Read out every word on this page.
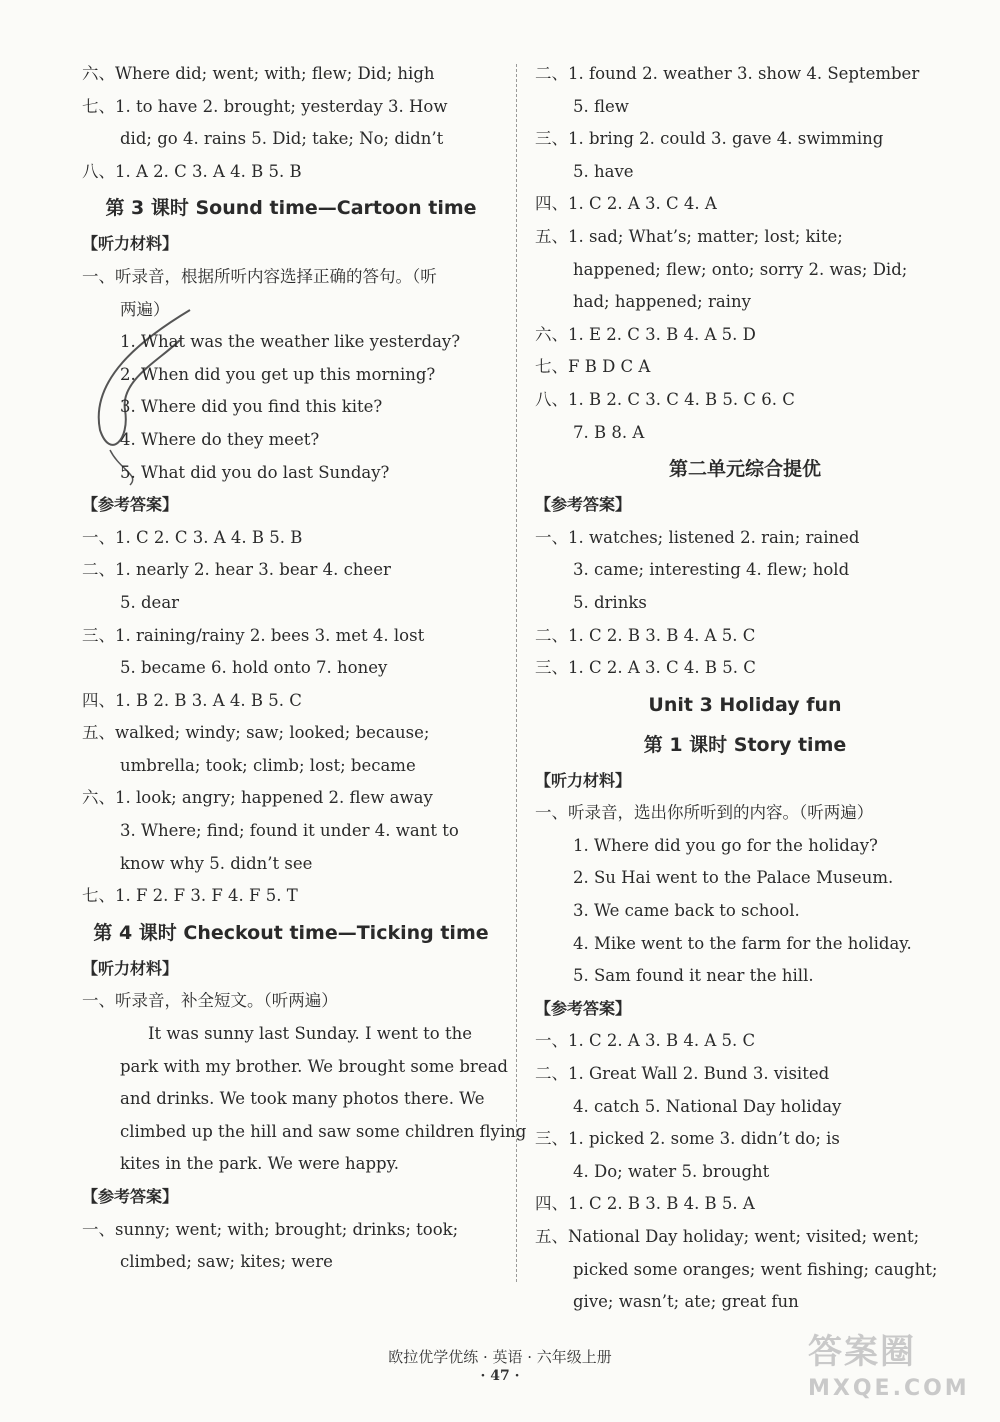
六、Where did; went; with; flew; Did; high
七、1. to have 2. brought; yesterday 3. How
did; go 4. rains 5. Did; take; No; didn’t
八、1. A 2. C 3. A 4. B 5. B
第 3 课时 Sound time—Cartoon time
【听力材料】
一、听录音，根据所听内容选择正确的答句。（听
两遍）
1. What was the weather like yesterday?
2. When did you get up this morning?
3. Where did you find this kite?
4. Where do they meet?
5. What did you do last Sunday?
【参考答案】
一、1. C 2. C 3. A 4. B 5. B
二、1. nearly 2. hear 3. bear 4. cheer
5. dear
三、1. raining/rainy 2. bees 3. met 4. lost
5. became 6. hold onto 7. honey
四、1. B 2. B 3. A 4. B 5. C
五、walked; windy; saw; looked; because;
umbrella; took; climb; lost; became
六、1. look; angry; happened 2. flew away
3. Where; find; found it under 4. want to
know why 5. didn’t see
七、1. F 2. F 3. F 4. F 5. T
第 4 课时 Checkout time—Ticking time
【听力材料】
一、听录音，补全短文。（听两遍）
It was sunny last Sunday. I went to the
park with my brother. We brought some bread
and drinks. We took many photos there. We
climbed up the hill and saw some children flying
kites in the park. We were happy.
【参考答案】
一、sunny; went; with; brought; drinks; took;
climbed; saw; kites; were
二、1. found 2. weather 3. show 4. September
5. flew
三、1. bring 2. could 3. gave 4. swimming
5. have
四、1. C 2. A 3. C 4. A
五、1. sad; What’s; matter; lost; kite;
happened; flew; onto; sorry 2. was; Did;
had; happened; rainy
六、1. E 2. C 3. B 4. A 5. D
七、F B D C A
八、1. B 2. C 3. C 4. B 5. C 6. C
7. B 8. A
第二单元综合提优
【参考答案】
一、1. watches; listened 2. rain; rained
3. came; interesting 4. flew; hold
5. drinks
二、1. C 2. B 3. B 4. A 5. C
三、1. C 2. A 3. C 4. B 5. C
Unit 3 Holiday fun
第 1 课时 Story time
【听力材料】
一、听录音，选出你所听到的内容。（听两遍）
1. Where did you go for the holiday?
2. Su Hai went to the Palace Museum.
3. We came back to school.
4. Mike went to the farm for the holiday.
5. Sam found it near the hill.
【参考答案】
一、1. C 2. A 3. B 4. A 5. C
二、1. Great Wall 2. Bund 3. visited
4. catch 5. National Day holiday
三、1. picked 2. some 3. didn’t do; is
4. Do; water 5. brought
四、1. C 2. B 3. B 4. B 5. A
五、National Day holiday; went; visited; went;
picked some oranges; went fishing; caught;
give; wasn’t; ate; great fun
欧拉优学优练 · 英语 · 六年级上册
· 47 ·
答案圈
MXQE.COM
